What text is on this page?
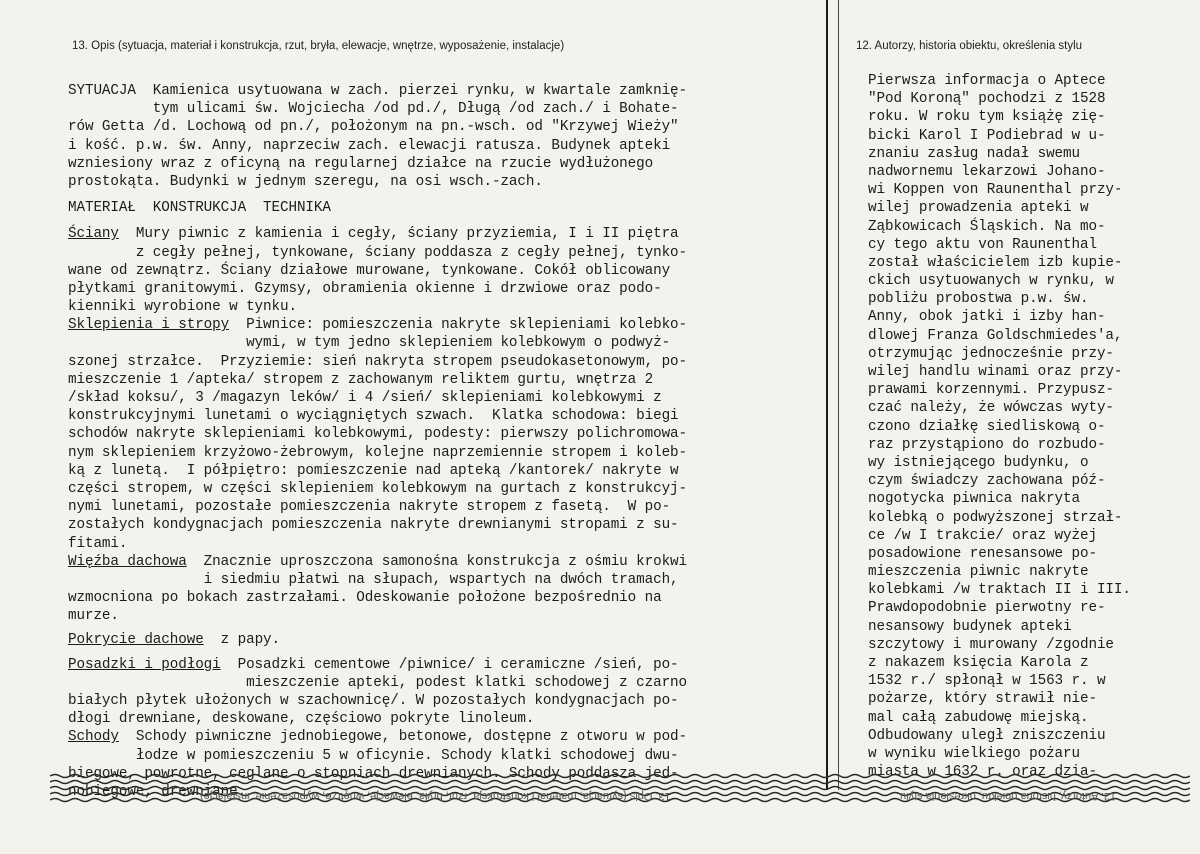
13. Opis (sytuacja, materiał i konstrukcja, rzut, bryła, elewacje, wnętrze, wyposażenie, instalacje)	12. Autorzy, historia obiektu, określenia stylu
SYTUACJA  Kamienica usytuowana w zach. pierzei rynku, w kwartale zamknię-
tym ulicami św. Wojciecha /od pd./, Długą /od zach./ i Bohate-
rów Getta /d. Lochową od pn./, położonym na pn.-wsch. od "Krzywej Wieży"
i kość. p.w. św. Anny, naprzeciw zach. elewacji ratusza. Budynek apteki
wzniesiony wraz z oficyną na regularnej działce na rzucie wydłużonego
prostokąta. Budynki w jednym szeregu, na osi wsch.-zach.
MATERIAŁ  KONSTRUKCJA  TECHNIKA
Ściany  Mury piwnic z kamienia i cegły, ściany przyziemia, I i II piętra
z cegły pełnej, tynkowane, ściany poddasza z cegły pełnej, tynko-
wane od zewnątrz. Ściany działowe murowane, tynkowane. Cokół oblicowany
płytkami granitowymi. Gzymsy, obramienia okienne i drzwiowe oraz podo-
kienniki wyrobione w tynku.
Sklepienia i stropy  Piwnice: pomieszczenia nakryte sklepieniami kolebko-
wymi, w tym jedno sklepieniem kolebkowym o podwyż-
szonej strzałce.  Przyziemie: sień nakryta stropem pseudokasetonowym, po-
mieszczenie 1 /apteka/ stropem z zachowanym reliktem gurtu, wnętrza 2
/skład koksu/, 3 /magazyn leków/ i 4 /sień/ sklepieniami kolebkowymi z
konstrukcyjnymi lunetami o wyciągniętych szwach.  Klatka schodowa: biegi
schodów nakryte sklepieniami kolebkowymi, podesty: pierwszy polichromowa-
nym sklepieniem krzyżowo-żebrowym, kolejne naprzemiennie stropem i koleb-
ką z lunetą.  I półpiętro: pomieszczenie nad apteką /kantorek/ nakryte w
części stropem, w części sklepieniem kolebkowym na gurtach z konstrukcyj-
nymi lunetami, pozostałe pomieszczenia nakryte stropem z fasetą.  W po-
zostałych kondygnacjach pomieszczenia nakryte drewnianymi stropami z su-
fitami.
Więźba dachowa  Znacznie uproszczona samonośna konstrukcja z ośmiu krokwi
i siedmiu płatwi na słupach, wspartych na dwóch tramach,
wzmocniona po bokach zastrzałami. Odeskowanie położone bezpośrednio na
murze.
Pokrycie dachowe  z papy.
Posadzki i podłogi  Posadzki cementowe /piwnice/ i ceramiczne /sień, po-
mieszczenie apteki, podest klatki schodowej z czarno
białych płytek ułożonych w szachownicę/. W pozostałych kondygnacjach po-
dłogi drewniane, deskowane, częściowo pokryte linoleum.
Schody  Schody piwniczne jednobiegowe, betonowe, dostępne z otworu w pod-
łodze w pomieszczeniu 5 w oficynie. Schody klatki schodowej dwu-
biegowe, powrotne, ceglane o stopniach drewnianych. Schody poddasza jed-
nobiegowe, drewniane.
Pierwsza informacja o Aptece
"Pod Koroną" pochodzi z 1528
roku. W roku tym książę zię-
bicki Karol I Podiebrad w u-
znaniu zasług nadał swemu
nadwornemu lekarzowi Johano-
wi Koppen von Raunenthal przy-
wilej prowadzenia apteki w
Ząbkowicach Śląskich. Na mo-
cy tego aktu von Raunenthal
został właścicielem izb kupie-
ckich usytuowanych w rynku, w
pobliżu probostwa p.w. św.
Anny, obok jatki i izby han-
dlowej Franza Goldschmiedes'a,
otrzymując jednocześnie przy-
wilej handlu winami oraz przy-
prawami korzennymi. Przypusz-
czać należy, że wówczas wyty-
czono działkę siedliskową o-
raz przystąpiono do rozbudo-
wy istniejącego budynku, o
czym świadczy zachowana póź-
nogotycka piwnica nakryta
kolebką o podwyższonej strzał-
ce /w I trakcie/ oraz wyżej
posadowione renesansowe po-
mieszczenia piwnic nakryte
kolebkami /w traktach II i III.
Prawdopodobnie pierwotny re-
nesansowy budynek apteki
szczytowy i murowany /zgodnie
z nakazem księcia Karola z
1532 r./ spłonął w 1563 r. w
pożarze, który strawił nie-
mal całą zabudowę miejską.
Odbudowany uległ zniszczeniu
w wyniku wielkiego pożaru
miasta w 1632 r. oraz dzia-
13. Opis (sytuacja, materiał i konstrukcja, rzut, bryła, elewacje, wnętrze, wyposażenie, instalacje)	12. Autorzy, historia obiektu, określenia stylu
